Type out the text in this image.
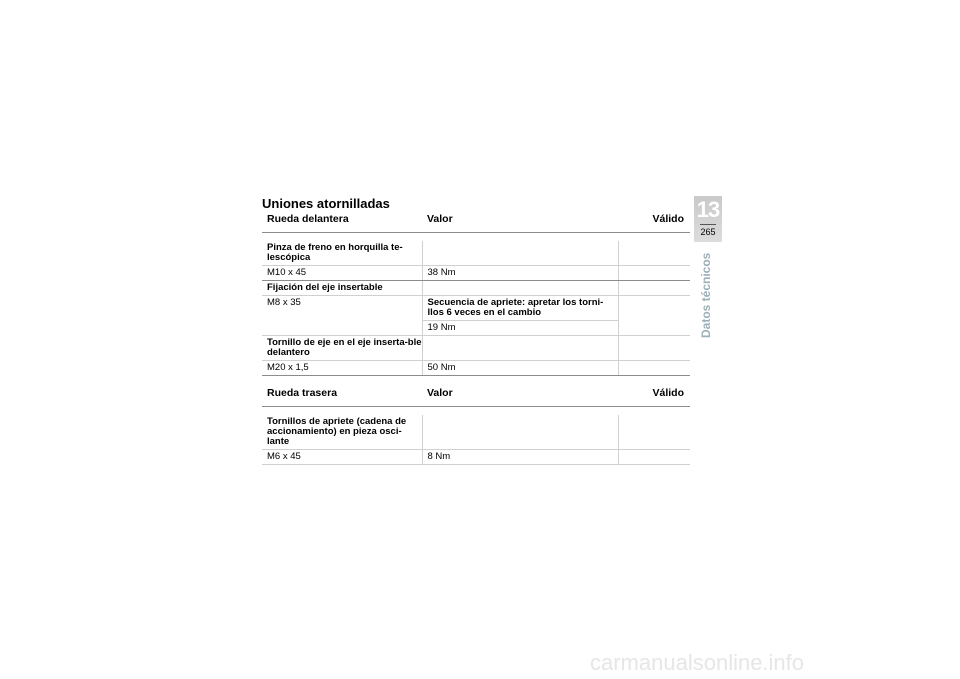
Uniones atornilladas
Rueda delantera	Valor	Válido

Pinza de freno en horquilla te-lescópica		
M10 x 45	38 Nm	
Fijación del eje insertable		
M8 x 35	Secuencia de apriete: apretar los torni-llos 6 veces en el cambio	
	19 Nm	
Tornillo de eje en el eje inserta-ble delantero		
M20 x 1,5	50 Nm	

Rueda trasera	Valor	Válido

Tornillos de apriete (cadena de accionamiento) en pieza osci-lante		
M6 x 45	8 Nm	
13
265
Datos técnicos
carmanualsonline.info
